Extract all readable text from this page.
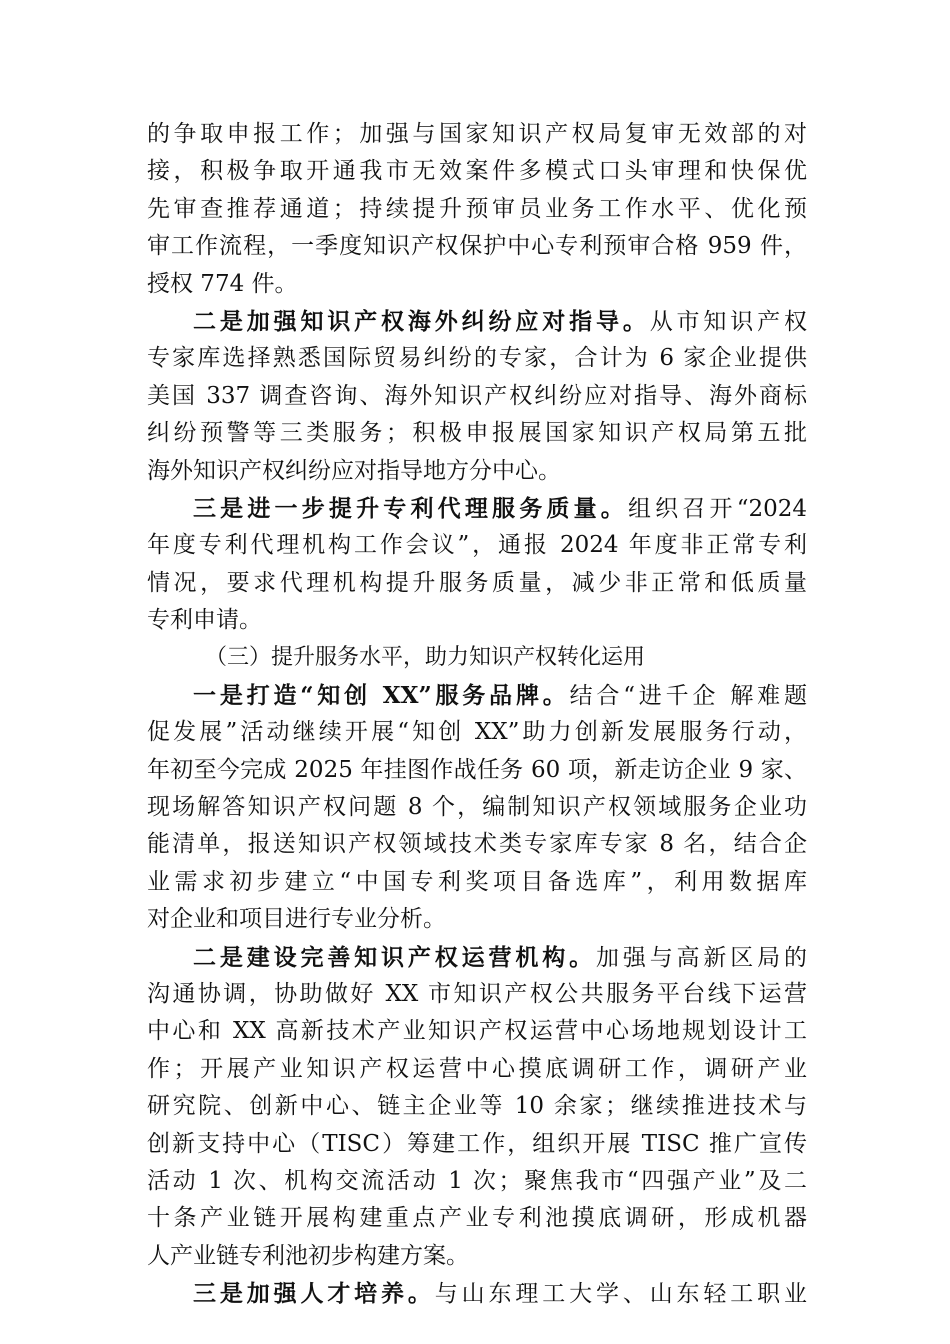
的争取申报工作；加强与国家知识产权局复审无效部的对
接，积极争取开通我市无效案件多模式口头审理和快保优
先审查推荐通道；持续提升预审员业务工作水平、优化预
审工作流程，一季度知识产权保护中心专利预审合格 959 件，
授权 774 件。
二是加强知识产权海外纠纷应对指导。从市知识产权
专家库选择熟悉国际贸易纠纷的专家，合计为 6 家企业提供
美国 337 调查咨询、海外知识产权纠纷应对指导、海外商标
纠纷预警等三类服务；积极申报展国家知识产权局第五批
海外知识产权纠纷应对指导地方分中心。
三是进一步提升专利代理服务质量。组织召开“2024
年度专利代理机构工作会议”，通报 2024 年度非正常专利
情况，要求代理机构提升服务质量，减少非正常和低质量
专利申请。
（三）提升服务水平，助力知识产权转化运用
一是打造“知创 XX”服务品牌。结合“进千企 解难题
促发展”活动继续开展“知创 XX”助力创新发展服务行动，
年初至今完成 2025 年挂图作战任务 60 项，新走访企业 9 家、
现场解答知识产权问题 8 个，编制知识产权领域服务企业功
能清单，报送知识产权领域技术类专家库专家 8 名，结合企
业需求初步建立“中国专利奖项目备选库”，利用数据库
对企业和项目进行专业分析。
二是建设完善知识产权运营机构。加强与高新区局的
沟通协调，协助做好 XX 市知识产权公共服务平台线下运营
中心和 XX 高新技术产业知识产权运营中心场地规划设计工
作；开展产业知识产权运营中心摸底调研工作，调研产业
研究院、创新中心、链主企业等 10 余家；继续推进技术与
创新支持中心（TISC）筹建工作，组织开展 TISC 推广宣传
活动 1 次、机构交流活动 1 次；聚焦我市“四强产业”及二
十条产业链开展构建重点产业专利池摸底调研，形成机器
人产业链专利池初步构建方案。
三是加强人才培养。与山东理工大学、山东轻工职业
